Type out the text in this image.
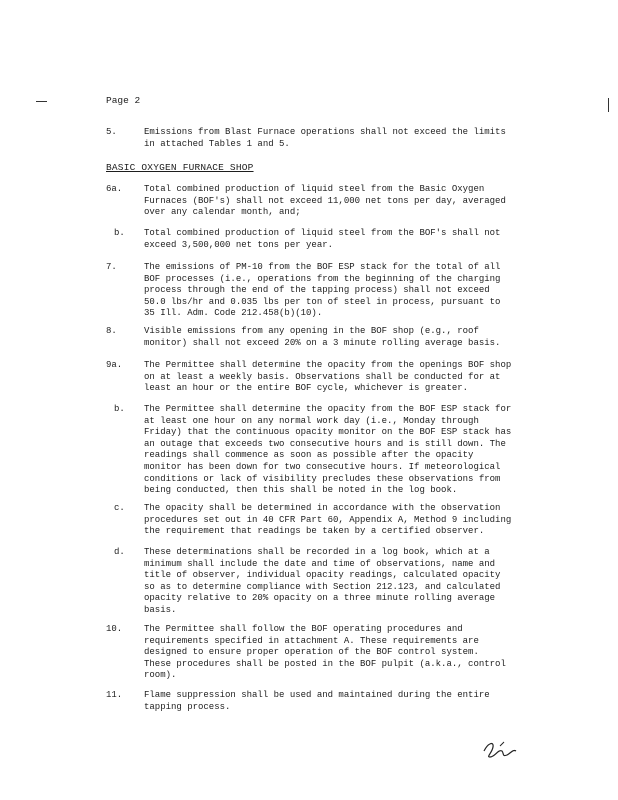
Page 2
5.	Emissions from Blast Furnace operations shall not exceed the limits
in attached Tables 1 and 5.
BASIC OXYGEN FURNACE SHOP
6a.	Total combined production of liquid steel from the Basic Oxygen
Furnaces (BOF's) shall not exceed 11,000 net tons per day, averaged
over any calendar month, and;
b.	Total combined production of liquid steel from the BOF's shall not
exceed 3,500,000 net tons per year.
7.	The emissions of PM-10 from the BOF ESP stack for the total of all
BOF processes (i.e., operations from the beginning of the charging
process through the end of the tapping process) shall not exceed
50.0 lbs/hr and 0.035 lbs per ton of steel in process, pursuant to
35 Ill. Adm. Code 212.458(b)(10).
8.	Visible emissions from any opening in the BOF shop (e.g., roof
monitor) shall not exceed 20% on a 3 minute rolling average basis.
9a.	The Permittee shall determine the opacity from the openings BOF shop
on at least a weekly basis. Observations shall be conducted for at
least an hour or the entire BOF cycle, whichever is greater.
b.	The Permittee shall determine the opacity from the BOF ESP stack for
at least one hour on any normal work day (i.e., Monday through
Friday) that the continuous opacity monitor on the BOF ESP stack has
an outage that exceeds two consecutive hours and is still down. The
readings shall commence as soon as possible after the opacity
monitor has been down for two consecutive hours. If meteorological
conditions or lack of visibility precludes these observations from
being conducted, then this shall be noted in the log book.
c.	The opacity shall be determined in accordance with the observation
procedures set out in 40 CFR Part 60, Appendix A, Method 9 including
the requirement that readings be taken by a certified observer.
d.	These determinations shall be recorded in a log book, which at a
minimum shall include the date and time of observations, name and
title of observer, individual opacity readings, calculated opacity
so as to determine compliance with Section 212.123, and calculated
opacity relative to 20% opacity on a three minute rolling average
basis.
10.	The Permittee shall follow the BOF operating procedures and
requirements specified in attachment A. These requirements are
designed to ensure proper operation of the BOF control system.
These procedures shall be posted in the BOF pulpit (a.k.a., control
room).
11.	Flame suppression shall be used and maintained during the entire
tapping process.
